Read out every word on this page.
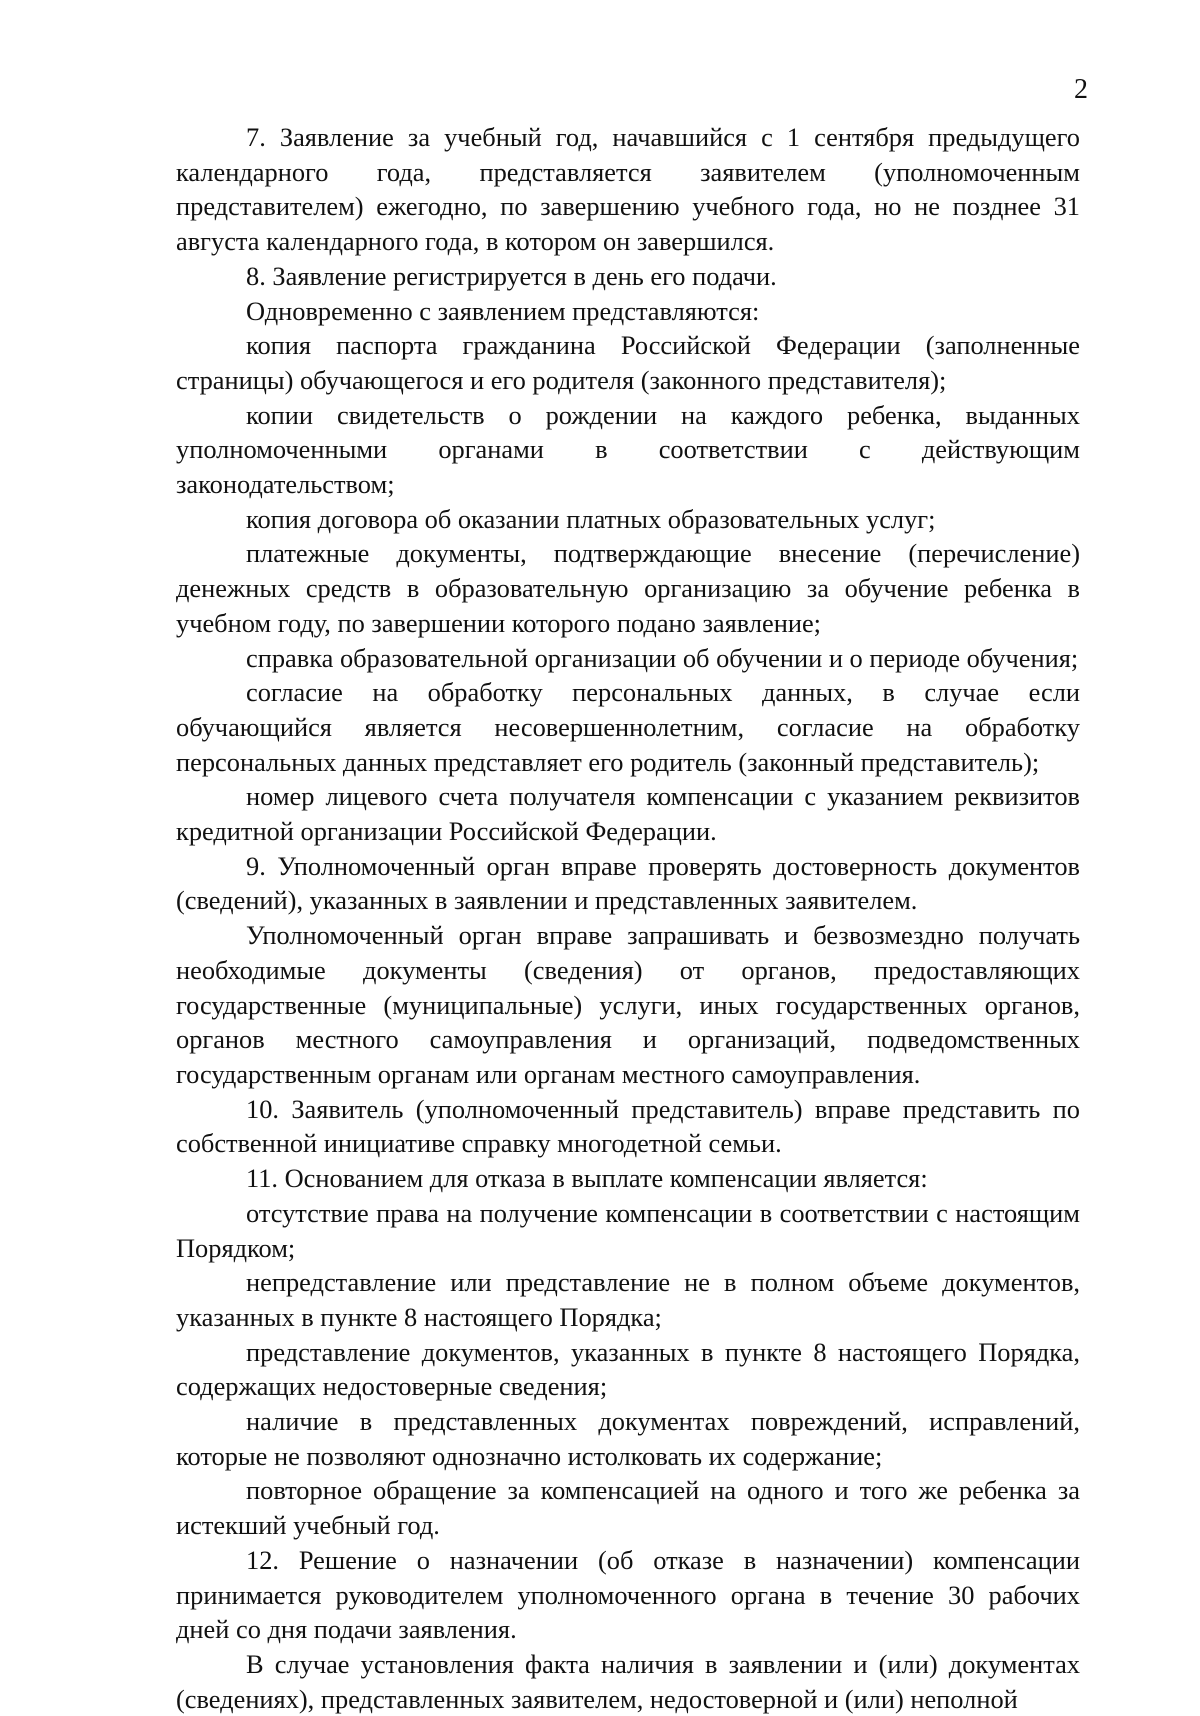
2

7. Заявление за учебный год, начавшийся с 1 сентября предыдущего календарного года, представляется заявителем (уполномоченным представителем) ежегодно, по завершению учебного года, но не позднее 31 августа календарного года, в котором он завершился.

8. Заявление регистрируется в день его подачи.

Одновременно с заявлением представляются:

копия паспорта гражданина Российской Федерации (заполненные страницы) обучающегося и его родителя (законного представителя);

копии свидетельств о рождении на каждого ребенка, выданных уполномоченными органами в соответствии с действующим законодательством;

копия договора об оказании платных образовательных услуг;

платежные документы, подтверждающие внесение (перечисление) денежных средств в образовательную организацию за обучение ребенка в учебном году, по завершении которого подано заявление;

справка образовательной организации об обучении и о периоде обучения;

согласие на обработку персональных данных, в случае если обучающийся является несовершеннолетним, согласие на обработку персональных данных представляет его родитель (законный представитель);

номер лицевого счета получателя компенсации с указанием реквизитов кредитной организации Российской Федерации.

9. Уполномоченный орган вправе проверять достоверность документов (сведений), указанных в заявлении и представленных заявителем.

Уполномоченный орган вправе запрашивать и безвозмездно получать необходимые документы (сведения) от органов, предоставляющих государственные (муниципальные) услуги, иных государственных органов, органов местного самоуправления и организаций, подведомственных государственным органам или органам местного самоуправления.

10. Заявитель (уполномоченный представитель) вправе представить по собственной инициативе справку многодетной семьи.

11. Основанием для отказа в выплате компенсации является:

отсутствие права на получение компенсации в соответствии с настоящим Порядком;

непредставление или представление не в полном объеме документов, указанных в пункте 8 настоящего Порядка;

представление документов, указанных в пункте 8 настоящего Порядка, содержащих недостоверные сведения;

наличие в представленных документах повреждений, исправлений, которые не позволяют однозначно истолковать их содержание;

повторное обращение за компенсацией на одного и того же ребенка за истекший учебный год.

12. Решение о назначении (об отказе в назначении) компенсации принимается руководителем уполномоченного органа в течение 30 рабочих дней со дня подачи заявления.

В случае установления факта наличия в заявлении и (или) документах (сведениях), представленных заявителем, недостоверной и (или) неполной
